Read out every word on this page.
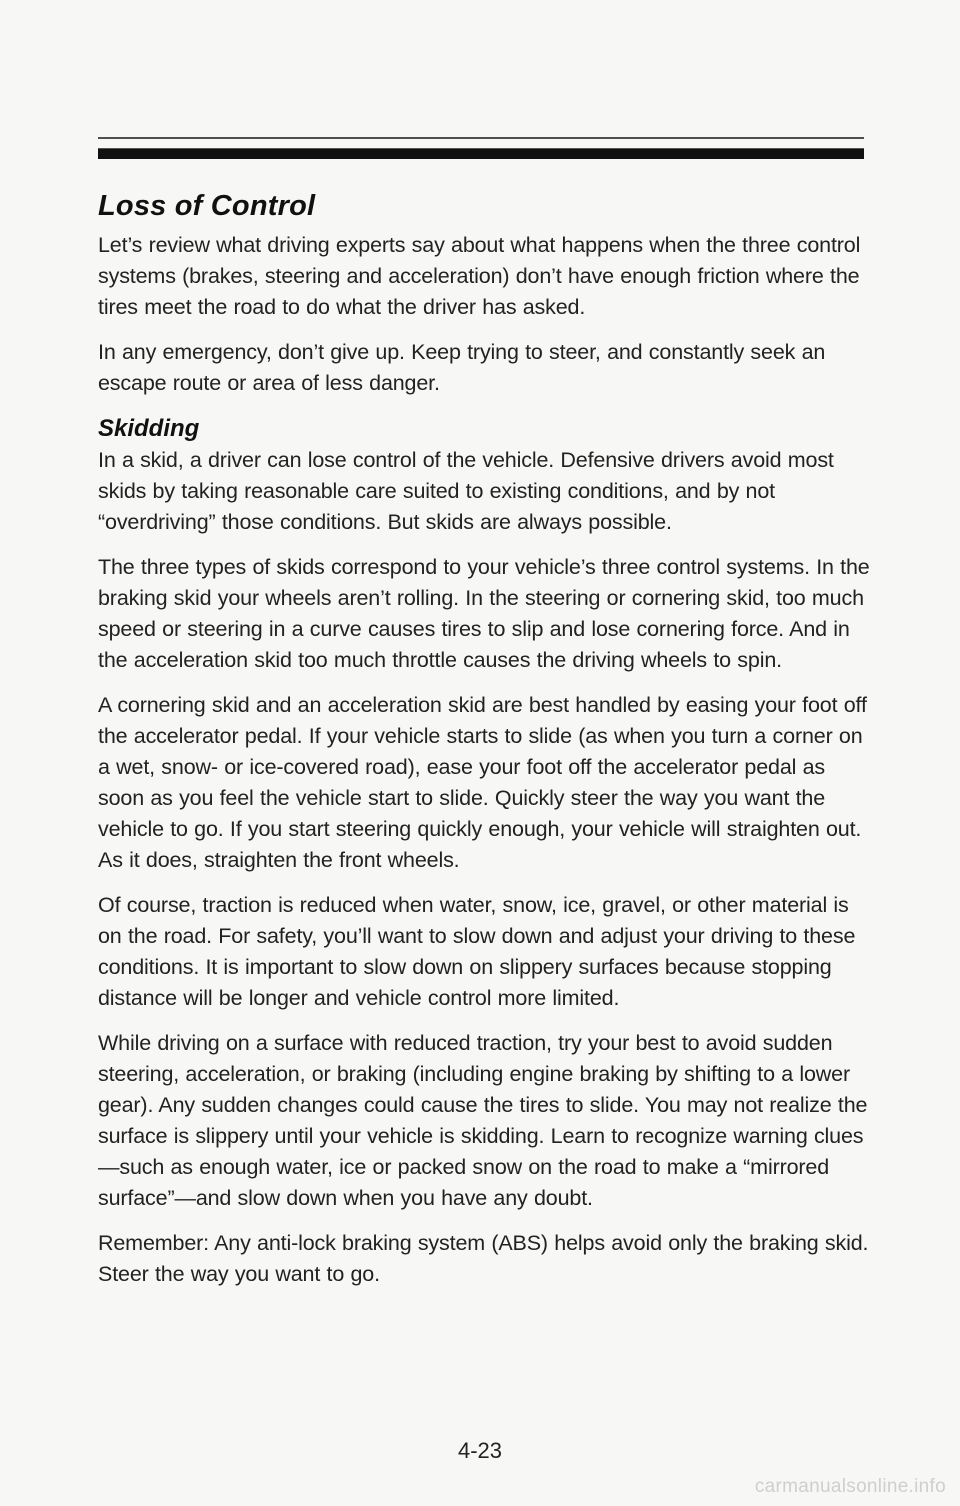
Loss of Control

Let’s review what driving experts say about what happens when the three control systems (brakes, steering and acceleration) don’t have enough friction where the tires meet the road to do what the driver has asked.

In any emergency, don’t give up. Keep trying to steer, and constantly seek an escape route or area of less danger.

Skidding

In a skid, a driver can lose control of the vehicle. Defensive drivers avoid most skids by taking reasonable care suited to existing conditions, and by not “overdriving” those conditions. But skids are always possible.

The three types of skids correspond to your vehicle’s three control systems. In the braking skid your wheels aren’t rolling. In the steering or cornering skid, too much speed or steering in a curve causes tires to slip and lose cornering force. And in the acceleration skid too much throttle causes the driving wheels to spin.

A cornering skid and an acceleration skid are best handled by easing your foot off the accelerator pedal. If your vehicle starts to slide (as when you turn a corner on a wet, snow- or ice-covered road), ease your foot off the accelerator pedal as soon as you feel the vehicle start to slide. Quickly steer the way you want the vehicle to go. If you start steering quickly enough, your vehicle will straighten out. As it does, straighten the front wheels.

Of course, traction is reduced when water, snow, ice, gravel, or other material is on the road. For safety, you’ll want to slow down and adjust your driving to these conditions. It is important to slow down on slippery surfaces because stopping distance will be longer and vehicle control more limited.

While driving on a surface with reduced traction, try your best to avoid sudden steering, acceleration, or braking (including engine braking by shifting to a lower gear). Any sudden changes could cause the tires to slide. You may not realize the surface is slippery until your vehicle is skidding. Learn to recognize warning clues—such as enough water, ice or packed snow on the road to make a “mirrored surface”—and slow down when you have any doubt.

Remember: Any anti-lock braking system (ABS) helps avoid only the braking skid. Steer the way you want to go.

4-23
carmanualsonline.info
